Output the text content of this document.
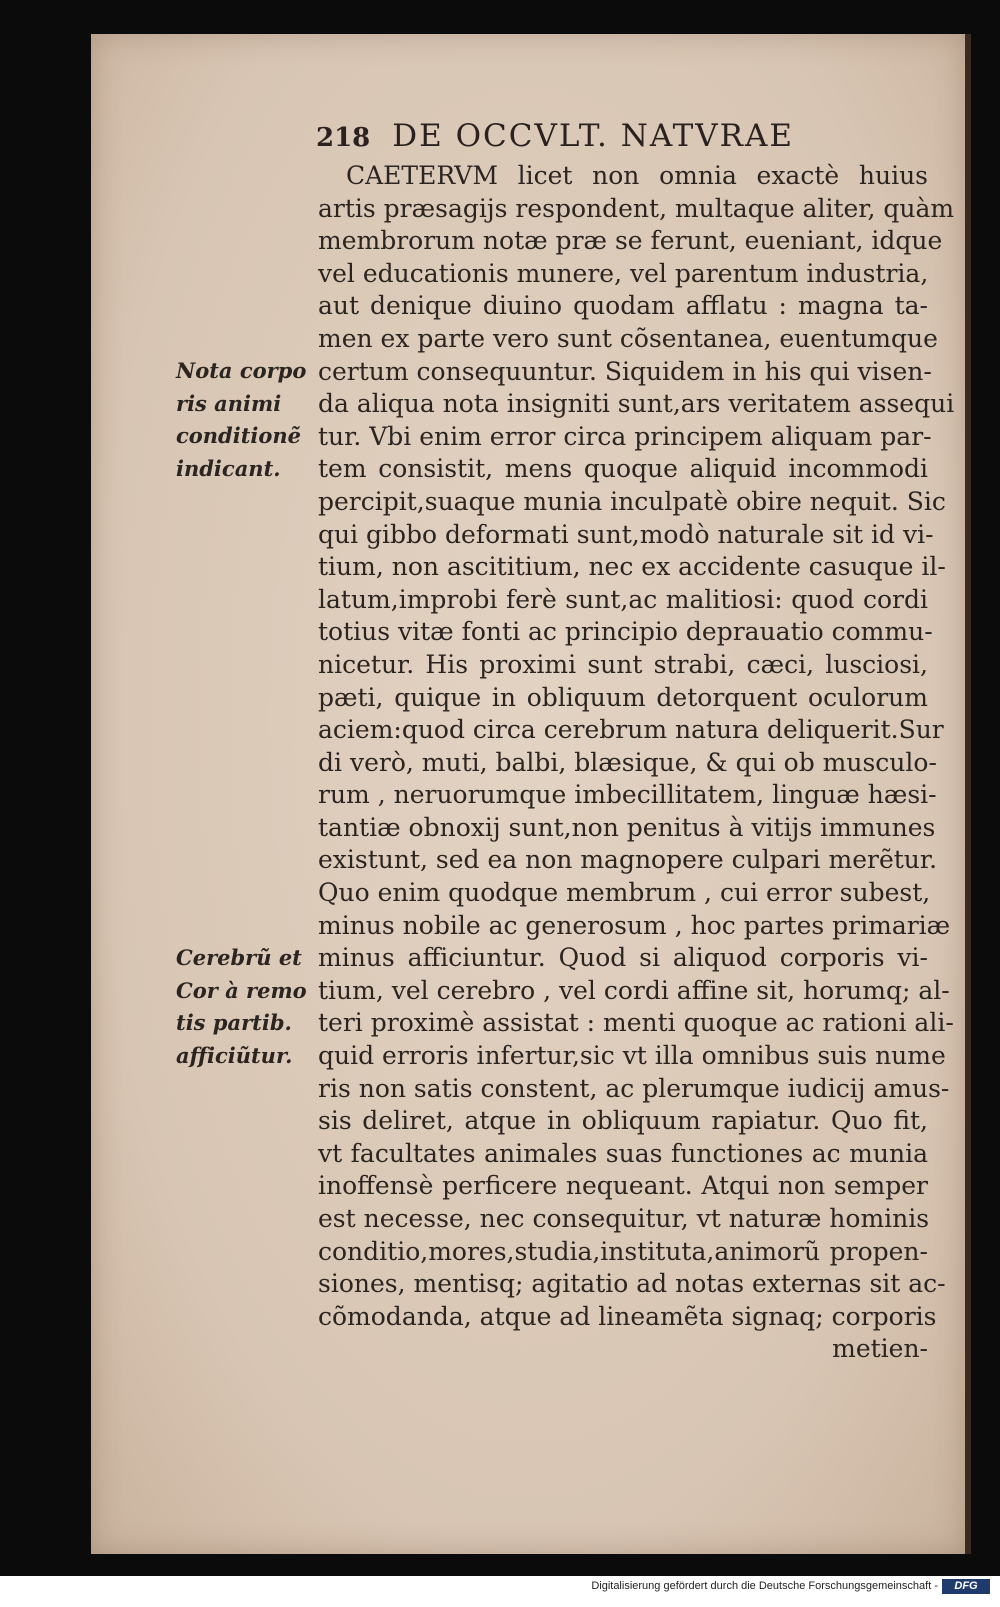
218 DE OCCVLT. NATVRAE
CAETERVM licet non omnia exactè huius
artis præsagijs respondent, multaque aliter, quàm
membrorum notæ præ se ferunt, eueniant, idque
vel educationis munere, vel parentum industria,
aut denique diuino quodam afflatu : magna ta-
men ex parte vero sunt cõsentanea, euentumque
certum consequuntur. Siquidem in his qui visen-
da aliqua nota insigniti sunt,ars veritatem assequi
tur. Vbi enim error circa principem aliquam par-
tem consistit, mens quoque aliquid incommodi
percipit,suaque munia inculpatè obire nequit. Sic
qui gibbo deformati sunt,modò naturale sit id vi-
tium, non ascititium, nec ex accidente casuque il-
latum,improbi ferè sunt,ac malitiosi: quod cordi
totius vitæ fonti ac principio deprauatio commu-
nicetur. His proximi sunt strabi, cæci, lusciosi,
pæti, quique in obliquum detorquent oculorum
aciem:quod circa cerebrum natura deliquerit.Sur
di verò, muti, balbi, blæsique, & qui ob musculo-
rum , neruorumque imbecillitatem, linguæ hæsi-
tantiæ obnoxij sunt,non penitus à vitijs immunes
existunt, sed ea non magnopere culpari merẽtur.
Quo enim quodque membrum , cui error subest,
minus nobile ac generosum , hoc partes primariæ
minus afficiuntur. Quod si aliquod corporis vi-
tium, vel cerebro , vel cordi affine sit, horumq; al-
teri proximè assistat : menti quoque ac rationi ali-
quid erroris infertur,sic vt illa omnibus suis nume
ris non satis constent, ac plerumque iudicij amus-
sis deliret, atque in obliquum rapiatur. Quo fit,
vt facultates animales suas functiones ac munia
inoffensè perficere nequeant. Atqui non semper
est necesse, nec consequitur, vt naturæ hominis
conditio,mores,studia,instituta,animorũ propen-
siones, mentisq; agitatio ad notas externas sit ac-
cõmodanda, atque ad lineamẽta signaq; corporis
metien-
Nota corpo
ris animi
conditionẽ
indicant.
Cerebrũ et
Cor à remo
tis partib.
afficiũtur.
Digitalisierung gefördert durch die Deutsche Forschungsgemeinschaft -	DFG
